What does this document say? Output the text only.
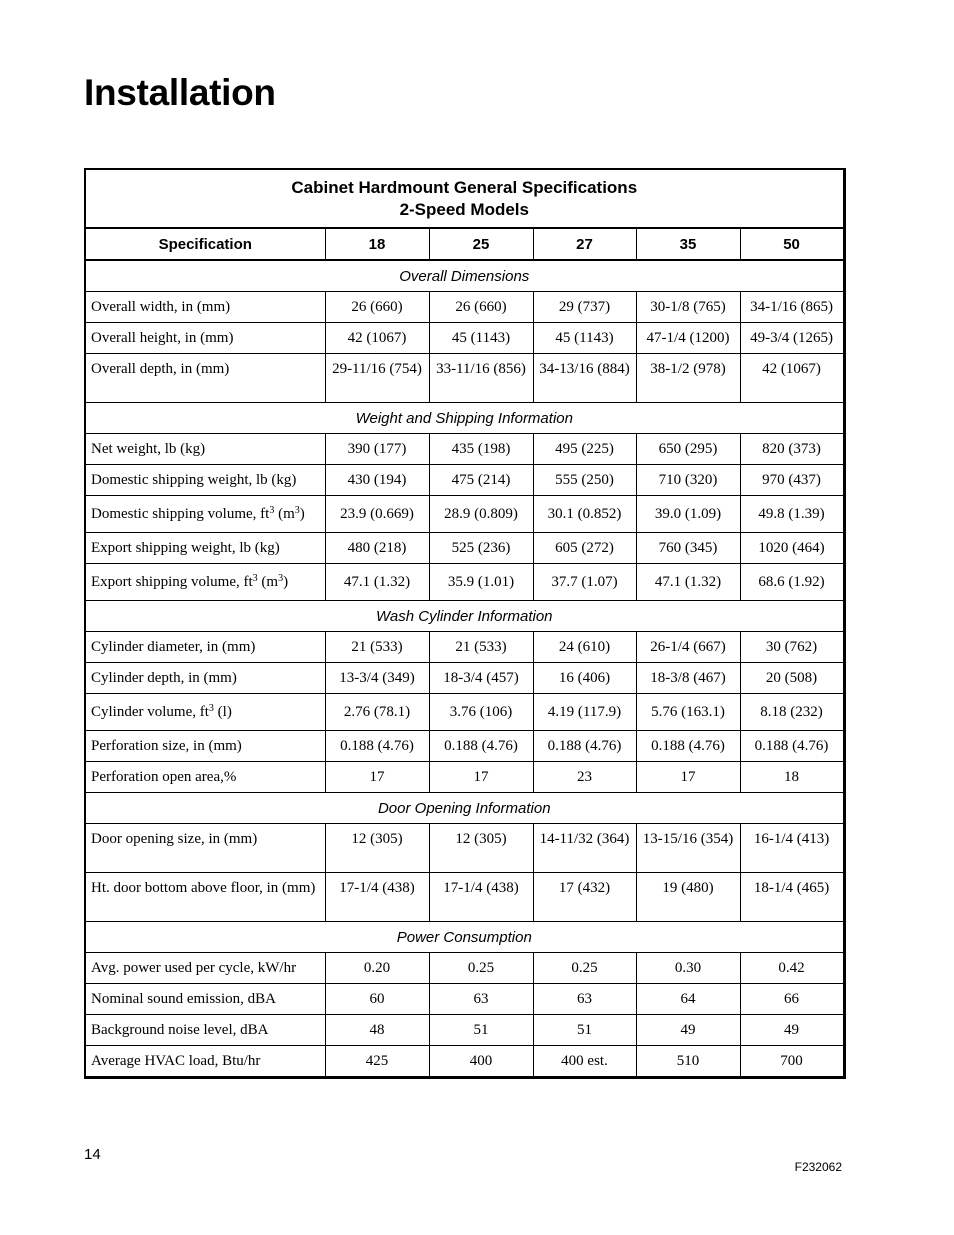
Installation
Cabinet Hardmount General Specifications
2-Speed Models					

Specification	18	25	27	35	50
Overall Dimensions					
Overall width, in (mm)	26 (660)	26 (660)	29 (737)	30-1/8 (765)	34-1/16 (865)
Overall height, in (mm)	42 (1067)	45 (1143)	45 (1143)	47-1/4 (1200)	49-3/4 (1265)
Overall depth, in (mm)	29-11/16 (754)	33-11/16 (856)	34-13/16 (884)	38-1/2 (978)	42 (1067)
Weight and Shipping Information					
Net weight, lb (kg)	390 (177)	435 (198)	495 (225)	650 (295)	820 (373)
Domestic shipping weight, lb (kg)	430 (194)	475 (214)	555 (250)	710 (320)	970 (437)
Domestic shipping volume, $ft^3$ $(m^3)$	23.9 (0.669)	28.9 (0.809)	30.1 (0.852)	39.0 (1.09)	49.8 (1.39)
Export shipping weight, lb (kg)	480 (218)	525 (236)	605 (272)	760 (345)	1020 (464)
Export shipping volume, $ft^3$ $(m^3)$	47.1 (1.32)	35.9 (1.01)	37.7 (1.07)	47.1 (1.32)	68.6 (1.92)
Wash Cylinder Information					
Cylinder diameter, in (mm)	21 (533)	21 (533)	24 (610)	26-1/4 (667)	30 (762)
Cylinder depth, in (mm)	13-3/4 (349)	18-3/4 (457)	16 (406)	18-3/8 (467)	20 (508)
Cylinder volume, $ft^3$ (l)	2.76 (78.1)	3.76 (106)	4.19 (117.9)	5.76 (163.1)	8.18 (232)
Perforation size, in (mm)	0.188 (4.76)	0.188 (4.76)	0.188 (4.76)	0.188 (4.76)	0.188 (4.76)
Perforation open area,%	17	17	23	17	18
Door Opening Information					
Door opening size, in (mm)	12 (305)	12 (305)	14-11/32 (364)	13-15/16 (354)	16-1/4 (413)
Ht. door bottom above floor, in (mm)	17-1/4 (438)	17-1/4 (438)	17 (432)	19 (480)	18-1/4 (465)
Power Consumption					
Avg. power used per cycle, kW/hr	0.20	0.25	0.25	0.30	0.42
Nominal sound emission, dBA	60	63	63	64	66
Background noise level, dBA	48	51	51	49	49
Average HVAC load, Btu/hr	425	400	400 est.	510	700
14
F232062
